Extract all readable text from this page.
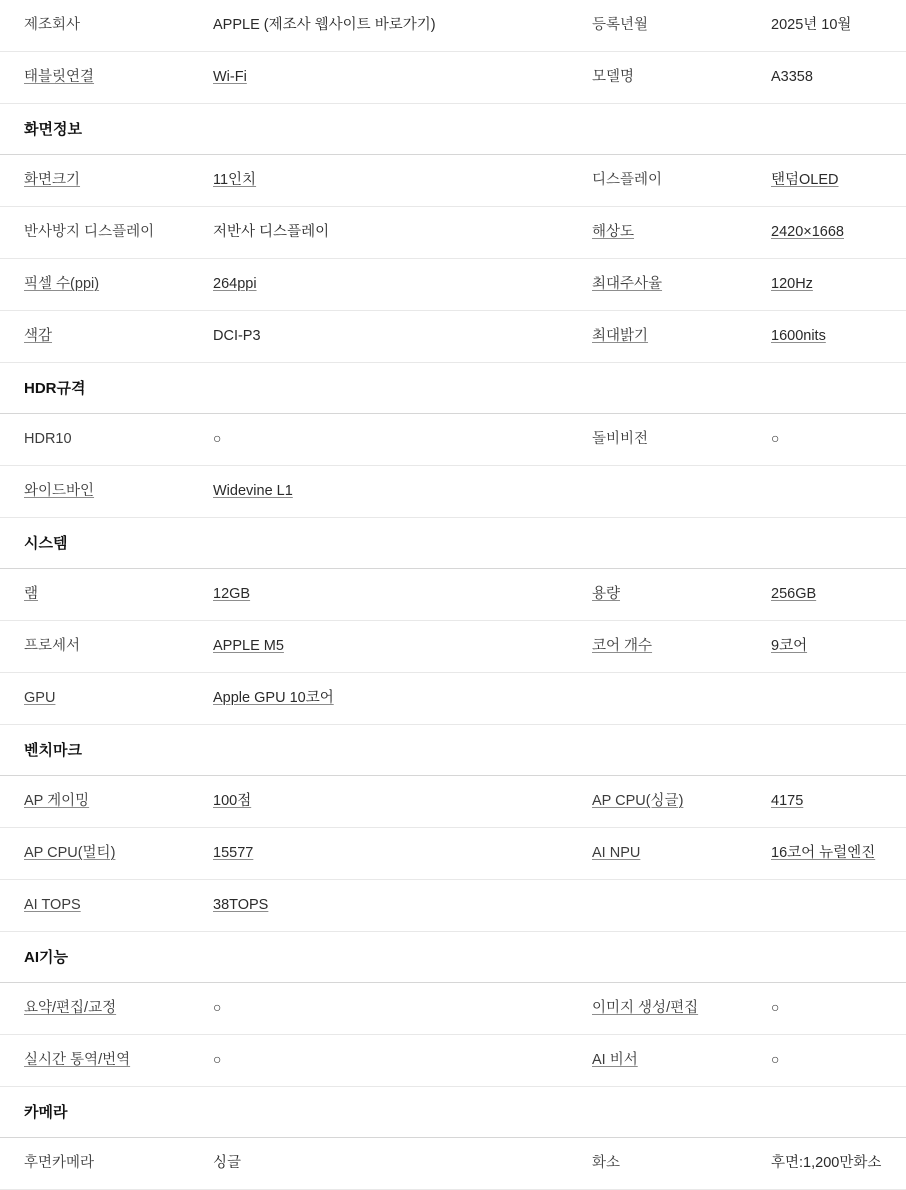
제조회사	APPLE (제조사 웹사이트 바로가기)	등록년월	2025년 10월
태블릿연결	Wi-Fi	모델명	A3358
화면정보			
화면크기	11인치	디스플레이	탠덤OLED
반사방지 디스플레이	저반사 디스플레이	해상도	2420×1668
픽셀 수(ppi)	264ppi	최대주사율	120Hz
색감	DCI-P3	최대밝기	1600nits
HDR규격			
HDR10	○	돌비비전	○
와이드바인	Widevine L1		
시스템			
램	12GB	용량	256GB
프로세서	APPLE M5	코어 개수	9코어
GPU	Apple GPU 10코어		
벤치마크			
AP 게이밍	100점	AP CPU(싱글)	4175
AP CPU(멀티)	15577	AI NPU	16코어 뉴럴엔진
AI TOPS	38TOPS		
AI기능			
요약/편집/교정	○	이미지 생성/편집	○
실시간 통역/번역	○	AI 비서	○
카메라			
후면카메라	싱글	화소	후면:1,200만화소
